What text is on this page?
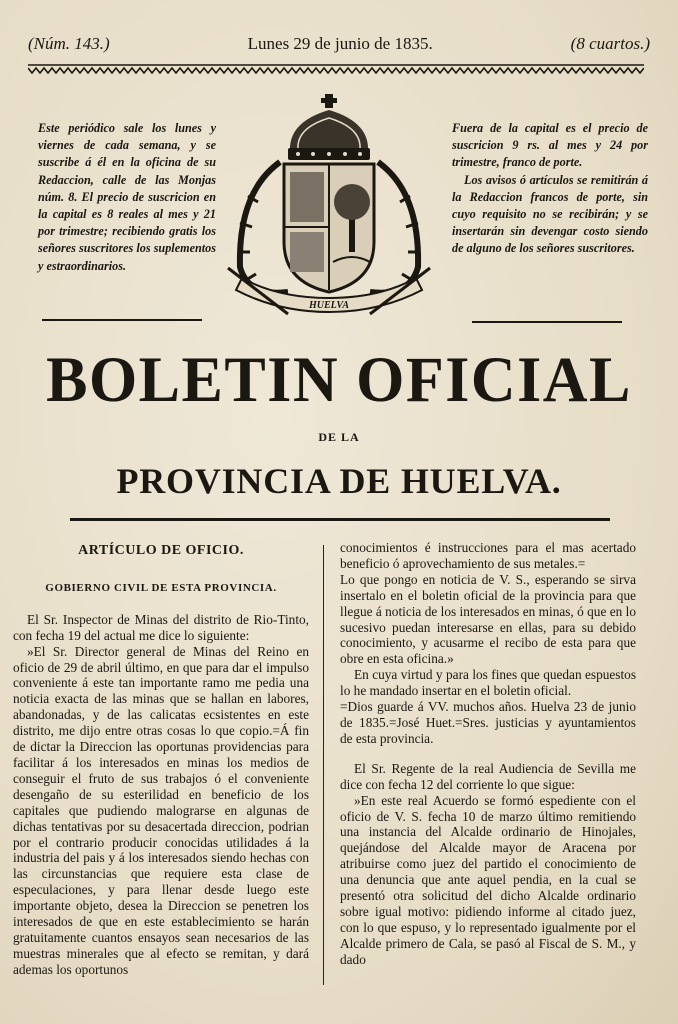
(Núm. 143.)	Lunes 29 de junio de 1835.	(8 cuartos.)

Este periódico sale los lunes y viernes de cada semana, y se suscribe á él en la oficina de su Redaccion, calle de las Monjas núm. 8. El precio de suscricion en la capital es 8 reales al mes y 21 por trimestre; recibiendo gratis los señores suscritores los suplementos y estraordinarios.

Fuera de la capital es el precio de suscricion 9 rs. al mes y 24 por trimestre, franco de porte.

Los avisos ó artículos se remitirán á la Redaccion francos de porte, sin cuyo requisito no se recibirán; y se insertarán sin devengar costo siendo de alguno de los señores suscritores.

HUELVA
BOLETIN OFICIAL
DE LA
PROVINCIA DE HUELVA.

ARTÍCULO DE OFICIO.

GOBIERNO CIVIL DE ESTA PROVINCIA.

El Sr. Inspector de Minas del distrito de Rio-Tinto, con fecha 19 del actual me dice lo siguiente:

»El Sr. Director general de Minas del Reino en oficio de 29 de abril último, en que para dar el impulso conveniente á este tan importante ramo me pedia una noticia exacta de las minas que se hallan en labores, abandonadas, y de las calicatas ecsistentes en este distrito, me dijo entre otras cosas lo que copio.=Á fin de dictar la Direccion las oportunas providencias para facilitar á los interesados en minas los medios de conseguir el fruto de sus trabajos ó el conveniente desengaño de su esterilidad en beneficio de los capitales que pudiendo malograrse en algunas de dichas tentativas por su desacertada direccion, podrian por el contrario producir conocidas utilidades á la industria del pais y á los interesados siendo hechas con las circunstancias que requiere esta clase de especulaciones, y para llenar desde luego este importante objeto, desea la Direccion se penetren los interesados de que en este establecimiento se harán gratuitamente cuantos ensayos sean necesarios de las muestras minerales que al efecto se remitan, y dará ademas los oportunos

conocimientos é instrucciones para el mas acertado beneficio ó aprovechamiento de sus metales.=

Lo que pongo en noticia de V. S., esperando se sirva insertalo en el boletin oficial de la provincia para que llegue á noticia de los interesados en minas, ó que en lo sucesivo puedan interesarse en ellas, para su debido conocimiento, y acusarme el recibo de esta para que obre en esta oficina.»

En cuya virtud y para los fines que quedan espuestos lo he mandado insertar en el boletin oficial.

=Dios guarde á VV. muchos años. Huelva 23 de junio de 1835.=José Huet.=Sres. justicias y ayuntamientos de esta provincia.

El Sr. Regente de la real Audiencia de Sevilla me dice con fecha 12 del corriente lo que sigue:

»En este real Acuerdo se formó espediente con el oficio de V. S. fecha 10 de marzo último remitiendo una instancia del Alcalde ordinario de Hinojales, quejándose del Alcalde mayor de Aracena por atribuirse como juez del partido el conocimiento de una denuncia que ante aquel pendia, en la cual se presentó otra solicitud del dicho Alcalde ordinario sobre igual motivo: pidiendo informe al citado juez, con lo que espuso, y lo representado igualmente por el Alcalde primero de Cala, se pasó al Fiscal de S. M., y dado
